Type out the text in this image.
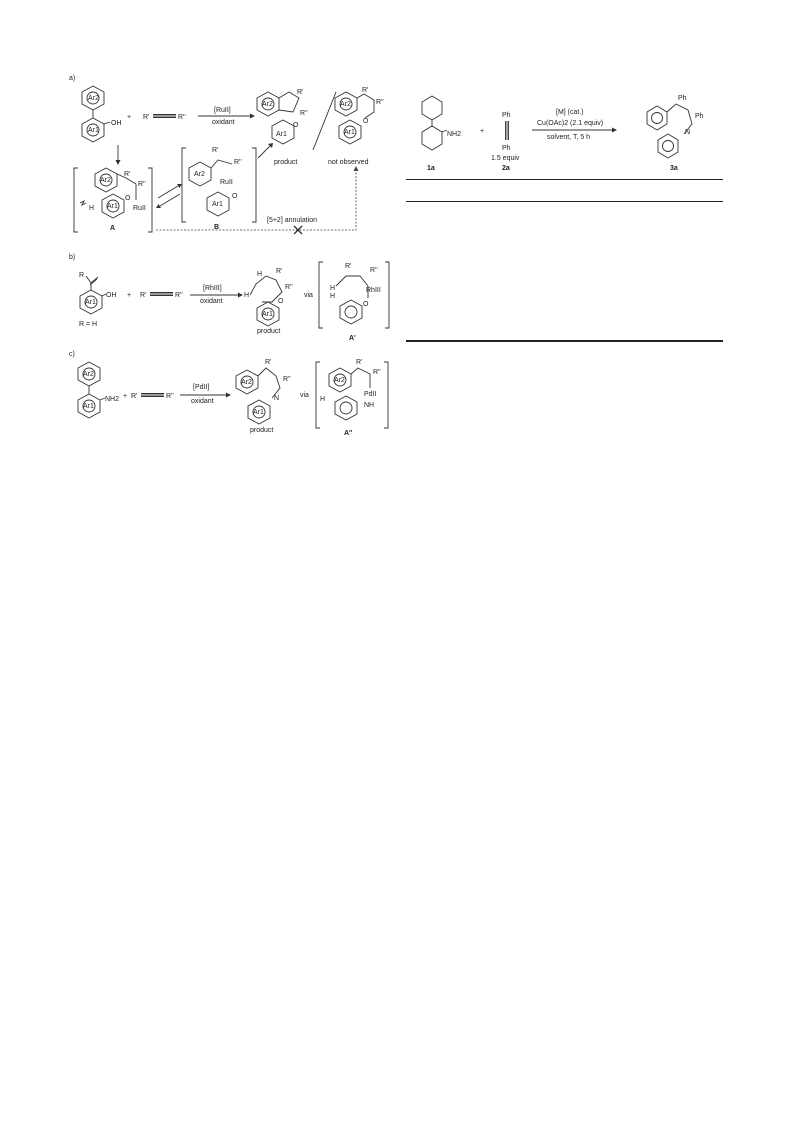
a)
Ar2
Ar1
OH
+ R'	R''
[RuII]
oxidant
Ar2
R'
R''
Ar1
O
product
Ar2
R'
R''
O
Ar1
not observed
Ar2
R'
R''
RuII
Ar1
O
H
A
Ar2
R'
R''
RuII
Ar1
O
B
[5+2] annulation
b)
R
Ar1
OH
R = H
+ R'	R''
[RhIII]
oxidant
H
H R'
R''
O
Ar1
product
via
R'
R''
H
H
RhIII
O
A'
c)
Ar2
Ar1
NH2 + R'	R''
[PdII]
oxidant
Ar2
R'
R''
N
Ar1
product
via
Ar2
R'
R''
PdII
NH
H
A''
NH2
1a
+
Ph
Ph
1.5 equiv
2a
[M] (cat.)
Cu(OAc)2 (2.1 equiv)
solvent, T, 5 h
Ph
Ph
N
3a
